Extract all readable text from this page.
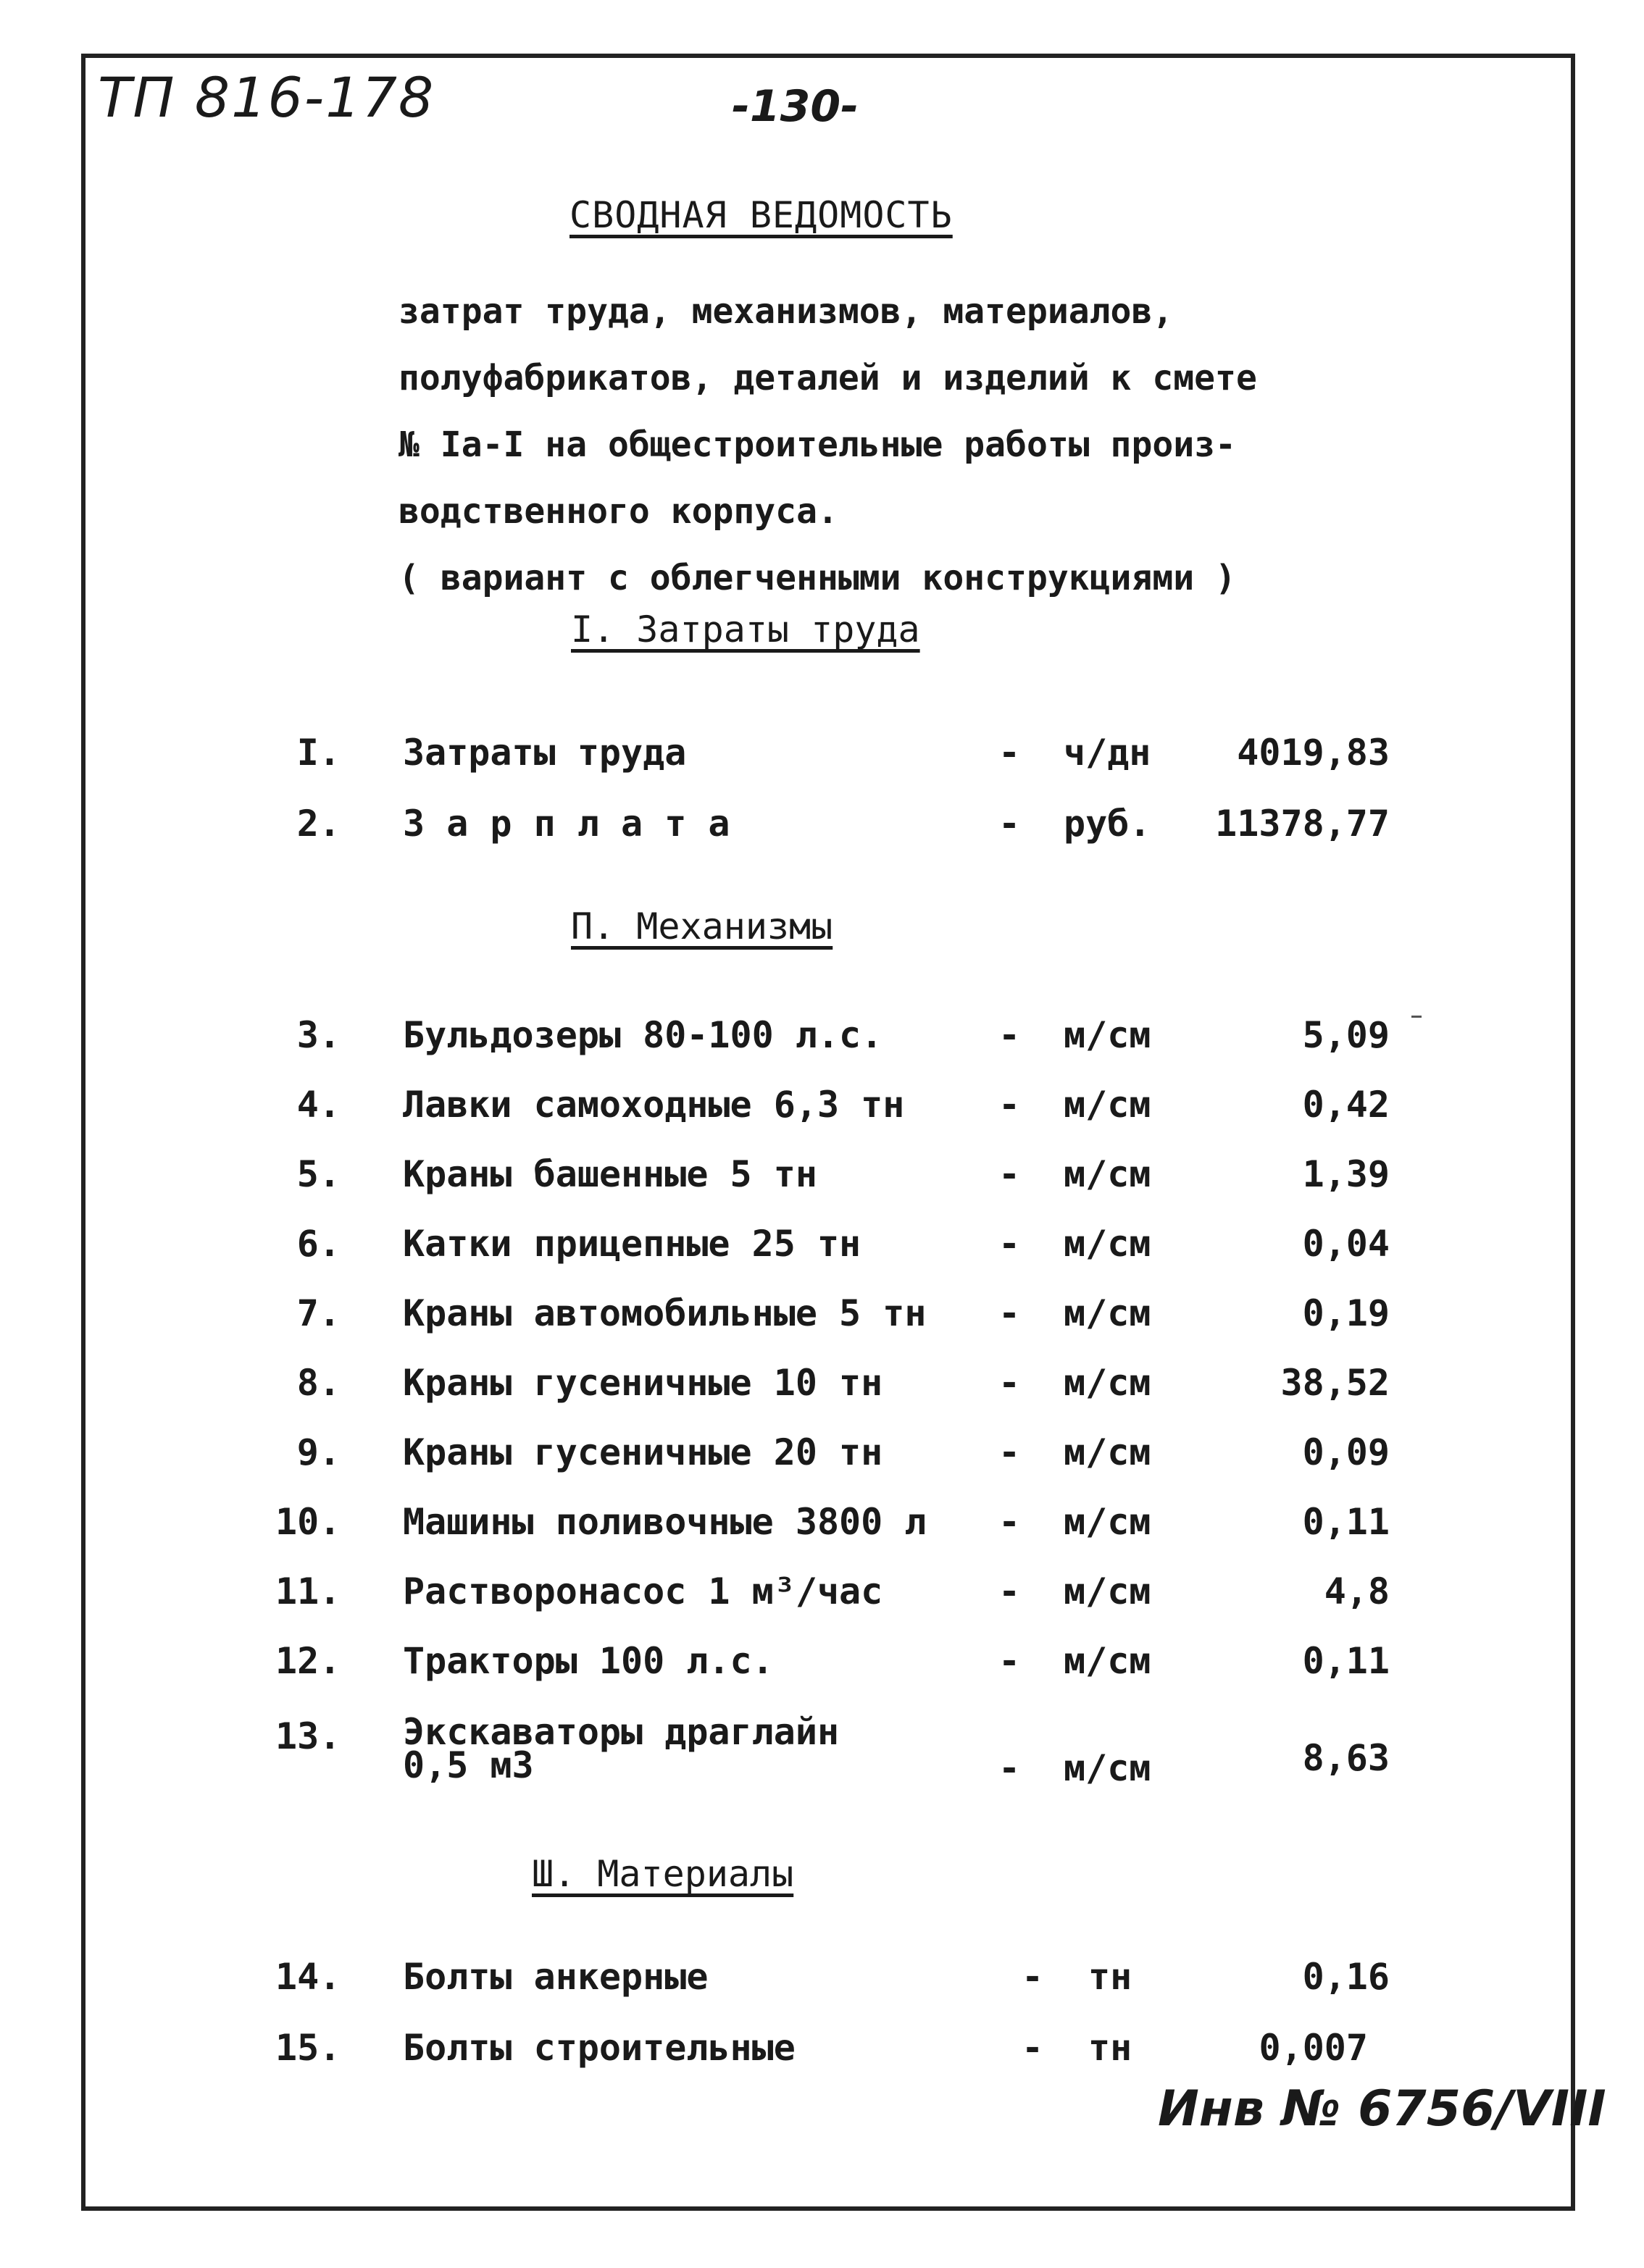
ТП 816-178	-130-
СВОДНАЯ ВЕДОМОСТЬ
затрат труда, механизмов, материалов,
полуфабрикатов, деталей и изделий к смете
№ Iа-I на общестроительные работы произ-
водственного корпуса.
( вариант с облегченными конструкциями )
I. Затраты труда
I. Затраты труда	- ч/дн	4019,83
2. З а р п л а т а	- руб.	11378,77
П. Механизмы
3. Бульдозеры 80-100 л.с.	- м/см	5,09
4. Лавки самоходные 6,3 тн	- м/см	0,42
5. Краны башенные 5 тн	- м/см	1,39
6. Катки прицепные 25 тн	- м/см	0,04
7. Краны автомобильные 5 тн - м/см	0,19
8. Краны гусеничные 10 тн	- м/см	38,52
9. Краны гусеничные 20 тн	- м/см	0,09
10. Машины поливочные 3800 л - м/см	0,11
11. Растворонасос 1 м³/час	- м/см	4,8
12. Тракторы 100 л.с.	- м/см	0,11
13. Экскаваторы драглайн
0,5 м3	- м/см	8,63
Ш. Материалы
14. Болты анкерные	- тн	0,16
15. Болты строительные	- тн	0,007
Инв № 6756/VIII
